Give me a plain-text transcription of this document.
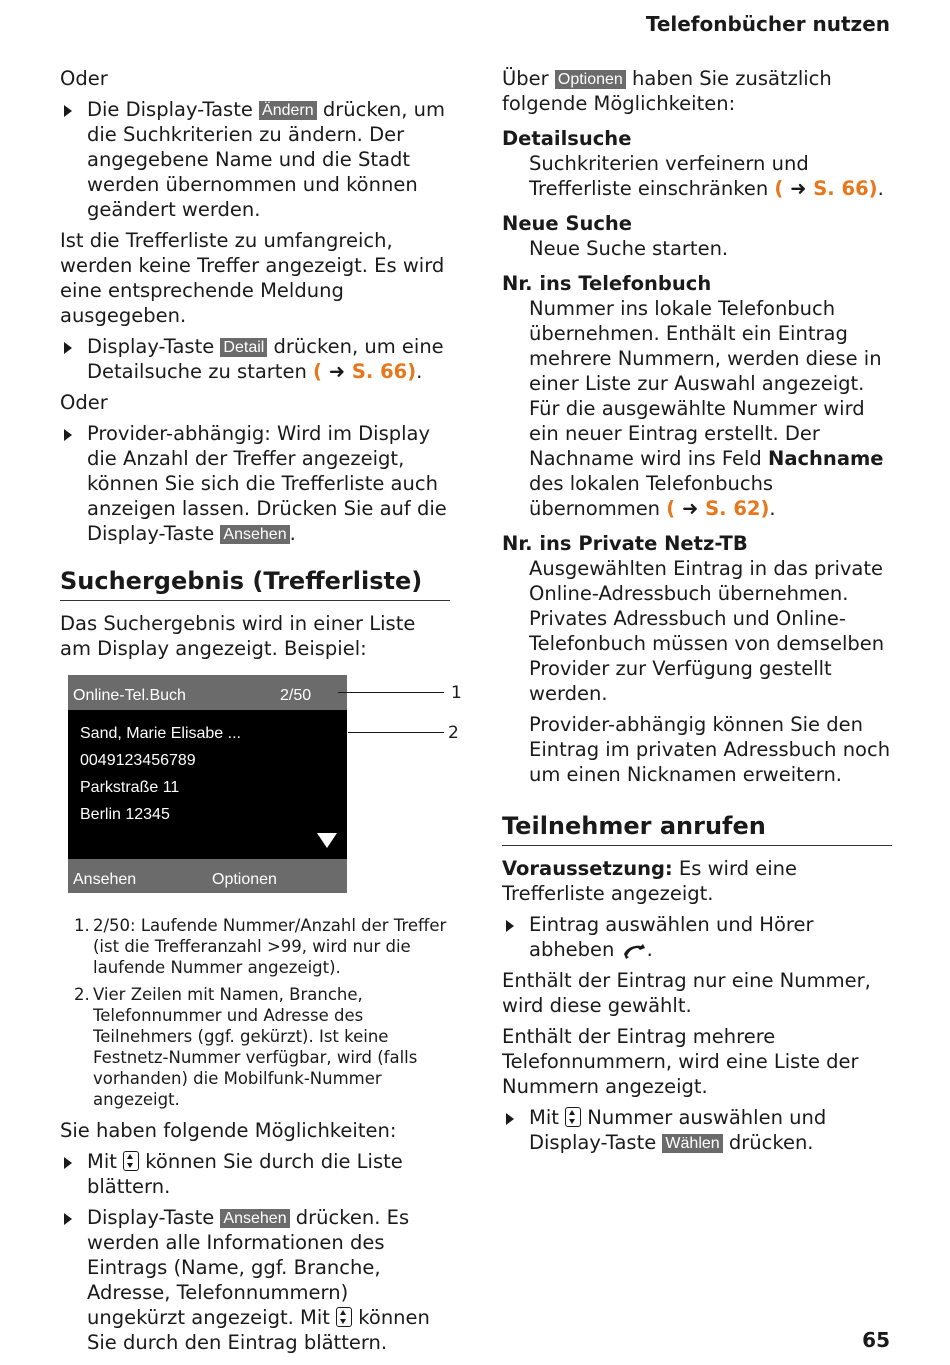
Telefonbücher nutzen

Oder

Die Display-Taste Ändern drücken, um die Suchkriterien zu ändern. Der angegebene Name und die Stadt werden übernommen und können geändert werden.

Ist die Trefferliste zu umfangreich, werden keine Treffer angezeigt. Es wird eine entsprechende Meldung ausgegeben.

Display-Taste Detail drücken, um eine Detailsuche zu starten ( ➜ S. 66).

Oder

Provider-abhängig: Wird im Display die Anzahl der Treffer angezeigt, können Sie sich die Trefferliste auch anzeigen lassen. Drücken Sie auf die Display-Taste Ansehen .
Suchergebnis (Trefferliste)

Das Suchergebnis wird in einer Liste am Display angezeigt. Beispiel:

Online-Tel.Buch	2/50
Sand, Marie Elisabe ...
0049123456789
Parkstraße 11
Berlin 12345
Ansehen	Optionen
1
2
1. 2/50: Laufende Nummer/Anzahl der Treffer (ist die Trefferanzahl >99, wird nur die laufende Nummer angezeigt).
2. Vier Zeilen mit Namen, Branche, Telefonnummer und Adresse des Teilnehmers (ggf. gekürzt). Ist keine Festnetz-Nummer verfügbar, wird (falls vorhanden) die Mobilfunk-Nummer angezeigt.

Sie haben folgende Möglichkeiten:

Mit  können Sie durch die Liste blättern.
Display-Taste Ansehen drücken. Es werden alle Informationen des Eintrags (Name, ggf. Branche, Adresse, Telefonnummern) ungekürzt angezeigt. Mit  können Sie durch den Eintrag blättern.

Über Optionen haben Sie zusätzlich folgende Möglichkeiten:

Detailsuche

Suchkriterien verfeinern und Trefferliste einschränken ( ➜ S. 66).

Neue Suche

Neue Suche starten.

Nr. ins Telefonbuch

Nummer ins lokale Telefonbuch übernehmen. Enthält ein Eintrag mehrere Nummern, werden diese in einer Liste zur Auswahl angezeigt. Für die ausgewählte Nummer wird ein neuer Eintrag erstellt. Der Nachname wird ins Feld Nachname des lokalen Telefonbuchs übernommen ( ➜ S. 62).

Nr. ins Private Netz-TB

Ausgewählten Eintrag in das private Online-Adressbuch übernehmen. Privates Adressbuch und Online-Telefonbuch müssen von demselben Provider zur Verfügung gestellt werden.

Provider-abhängig können Sie den Eintrag im privaten Adressbuch noch um einen Nicknamen erweitern.

Teilnehmer anrufen

Voraussetzung: Es wird eine Trefferliste angezeigt.

Eintrag auswählen und Hörer abheben .

Enthält der Eintrag nur eine Nummer, wird diese gewählt.

Enthält der Eintrag mehrere Telefonnummern, wird eine Liste der Nummern angezeigt.

Mit  Nummer auswählen und Display-Taste Wählen drücken.
65
